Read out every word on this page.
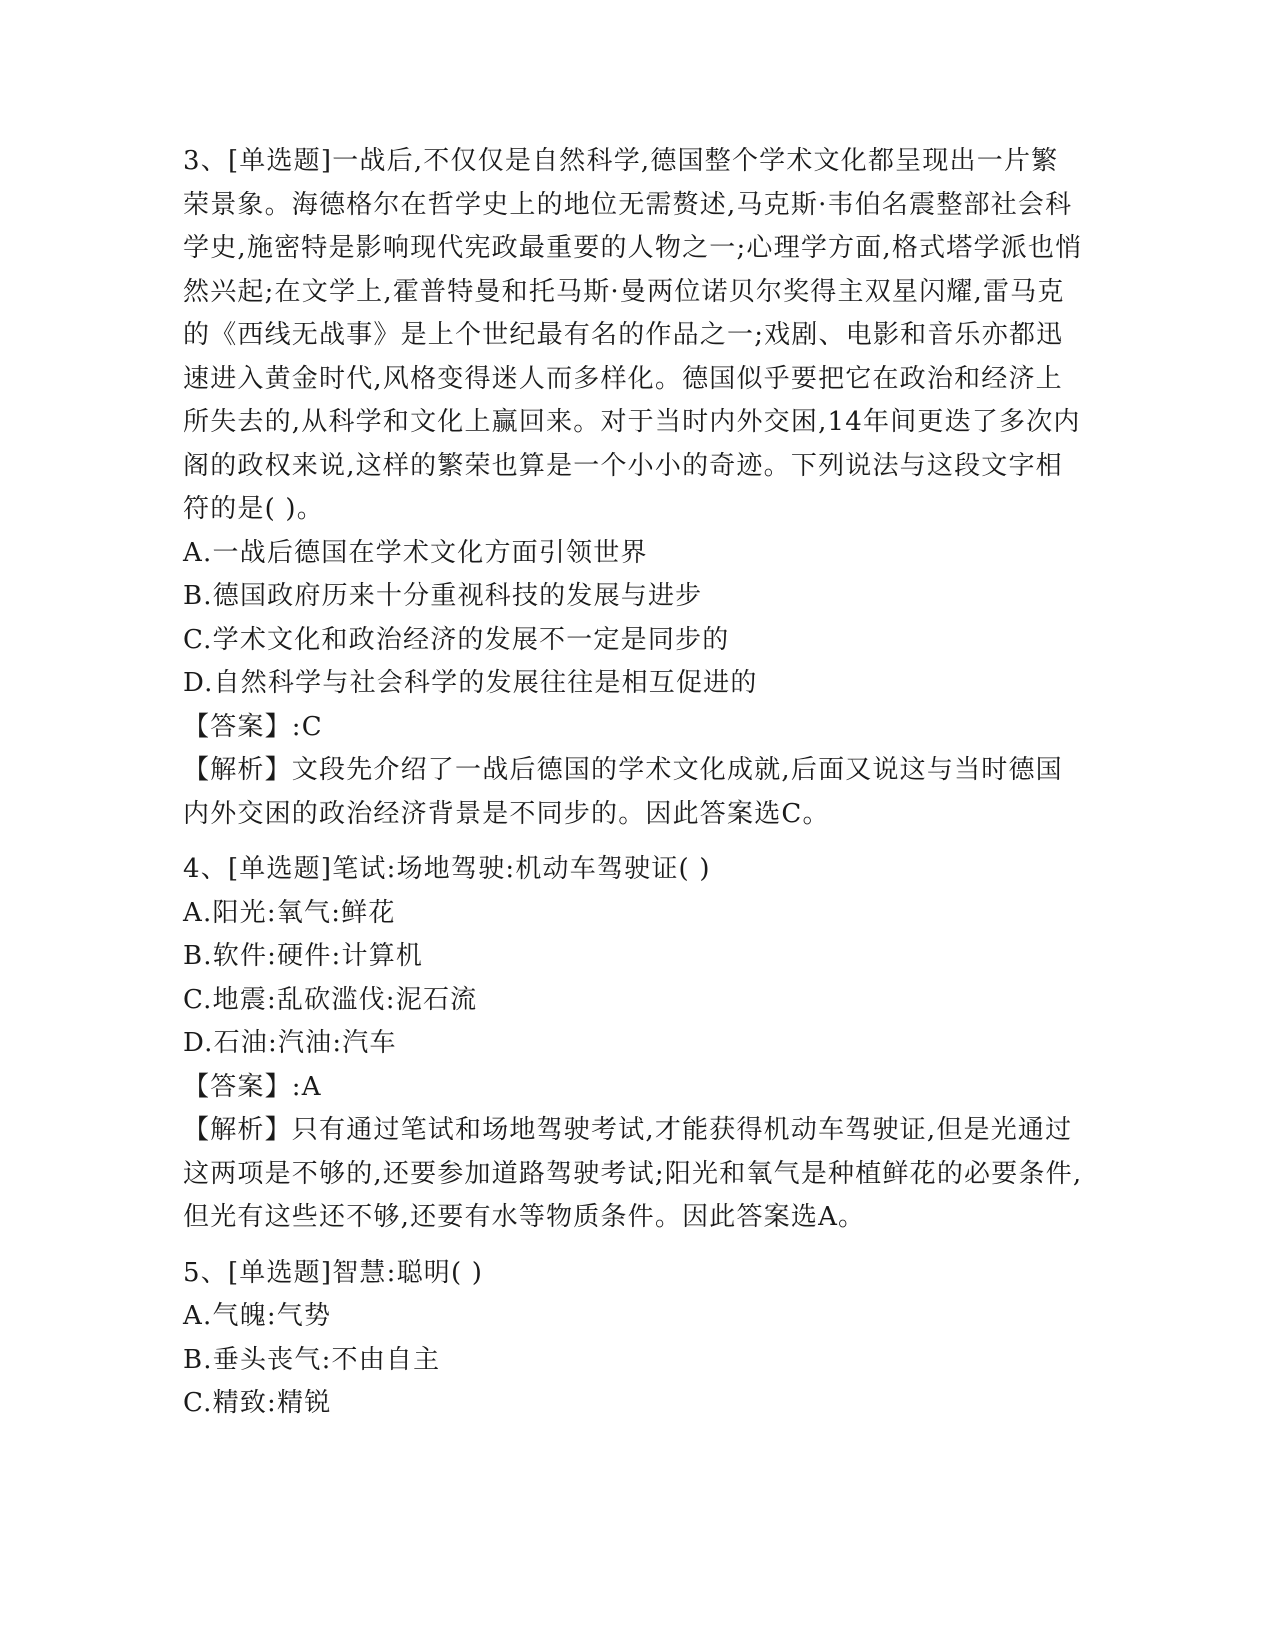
3、[单选题]一战后,不仅仅是自然科学,德国整个学术文化都呈现出一片繁荣景象。海德格尔在哲学史上的地位无需赘述,马克斯·韦伯名震整部社会科学史,施密特是影响现代宪政最重要的人物之一;心理学方面,格式塔学派也悄然兴起;在文学上,霍普特曼和托马斯·曼两位诺贝尔奖得主双星闪耀,雷马克的《西线无战事》是上个世纪最有名的作品之一;戏剧、电影和音乐亦都迅速进入黄金时代,风格变得迷人而多样化。德国似乎要把它在政治和经济上所失去的,从科学和文化上赢回来。对于当时内外交困,14年间更迭了多次内阁的政权来说,这样的繁荣也算是一个小小的奇迹。下列说法与这段文字相符的是( )。

A.一战后德国在学术文化方面引领世界

B.德国政府历来十分重视科技的发展与进步

C.学术文化和政治经济的发展不一定是同步的

D.自然科学与社会科学的发展往往是相互促进的

【答案】:C

【解析】文段先介绍了一战后德国的学术文化成就,后面又说这与当时德国内外交困的政治经济背景是不同步的。因此答案选C。

4、[单选题]笔试:场地驾驶:机动车驾驶证( )

A.阳光:氧气:鲜花

B.软件:硬件:计算机

C.地震:乱砍滥伐:泥石流

D.石油:汽油:汽车

【答案】:A

【解析】只有通过笔试和场地驾驶考试,才能获得机动车驾驶证,但是光通过这两项是不够的,还要参加道路驾驶考试;阳光和氧气是种植鲜花的必要条件,但光有这些还不够,还要有水等物质条件。因此答案选A。

5、[单选题]智慧:聪明( )

A.气魄:气势

B.垂头丧气:不由自主

C.精致:精锐
